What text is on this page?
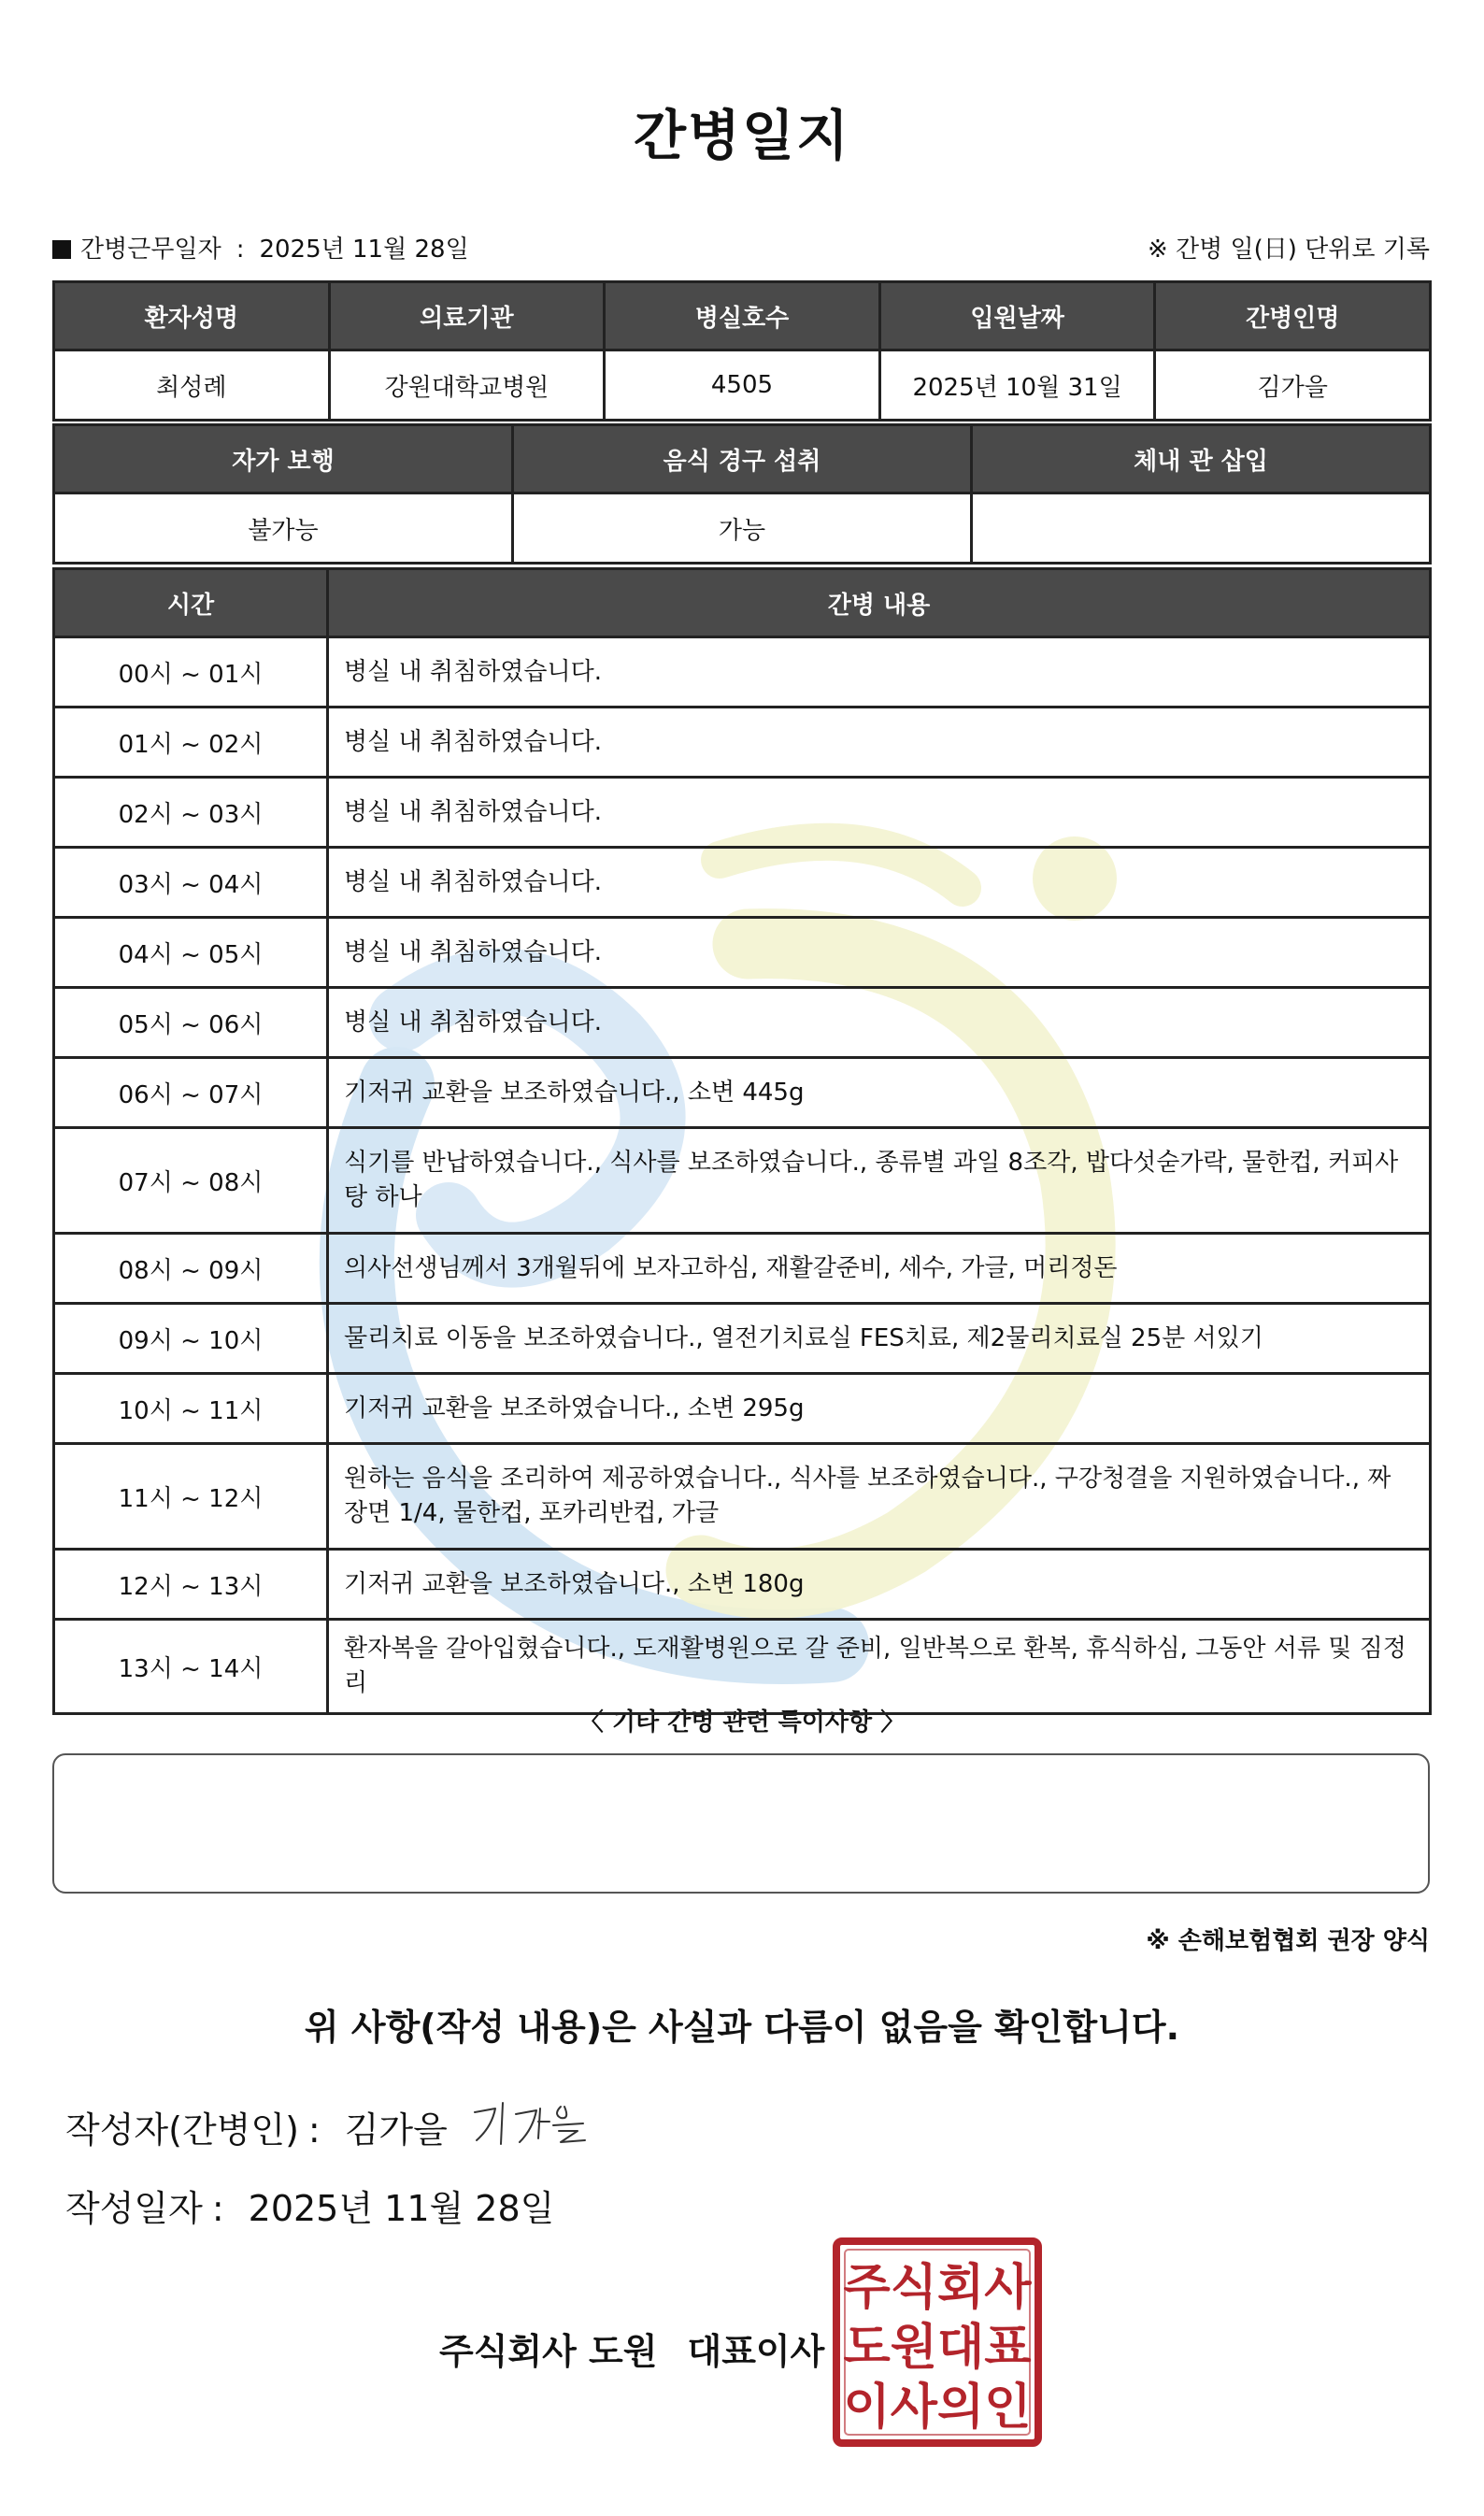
간병일지
간병근무일자 : 2025년 11월 28일	※ 간병 일(日) 단위로 기록
환자성명	의료기관	병실호수	입원날짜	간병인명
최성례	강원대학교병원	4505	2025년 10월 31일	김가을
자가 보행	음식 경구 섭취	체내 관 삽입
불가능	가능	
시간	간병 내용
00시 ~ 01시	병실 내 취침하였습니다.
01시 ~ 02시	병실 내 취침하였습니다.
02시 ~ 03시	병실 내 취침하였습니다.
03시 ~ 04시	병실 내 취침하였습니다.
04시 ~ 05시	병실 내 취침하였습니다.
05시 ~ 06시	병실 내 취침하였습니다.
06시 ~ 07시	기저귀 교환을 보조하였습니다., 소변 445g
07시 ~ 08시	식기를 반납하였습니다., 식사를 보조하였습니다., 종류별 과일 8조각, 밥다섯숟가락, 물한컵, 커피사탕 하나
08시 ~ 09시	의사선생님께서 3개월뒤에 보자고하심, 재활갈준비, 세수, 가글, 머리정돈
09시 ~ 10시	물리치료 이동을 보조하였습니다., 열전기치료실 FES치료, 제2물리치료실 25분 서있기
10시 ~ 11시	기저귀 교환을 보조하였습니다., 소변 295g
11시 ~ 12시	원하는 음식을 조리하여 제공하였습니다., 식사를 보조하였습니다., 구강청결을 지원하였습니다., 짜장면 1/4, 물한컵, 포카리반컵, 가글
12시 ~ 13시	기저귀 교환을 보조하였습니다., 소변 180g
13시 ~ 14시	환자복을 갈아입혔습니다., 도재활병원으로 갈 준비, 일반복으로 환복, 휴식하심, 그동안 서류 및 짐정리
〈 기타 간병 관련 특이사항 〉
※ 손해보험협회 권장 양식
위 사항(작성 내용)은 사실과 다름이 없음을 확인합니다.
작성자(간병인) : 김가을
작성일자 : 2025년 11월 28일
주식회사 도원 대표이사
주식회사
도원대표
이사의인
